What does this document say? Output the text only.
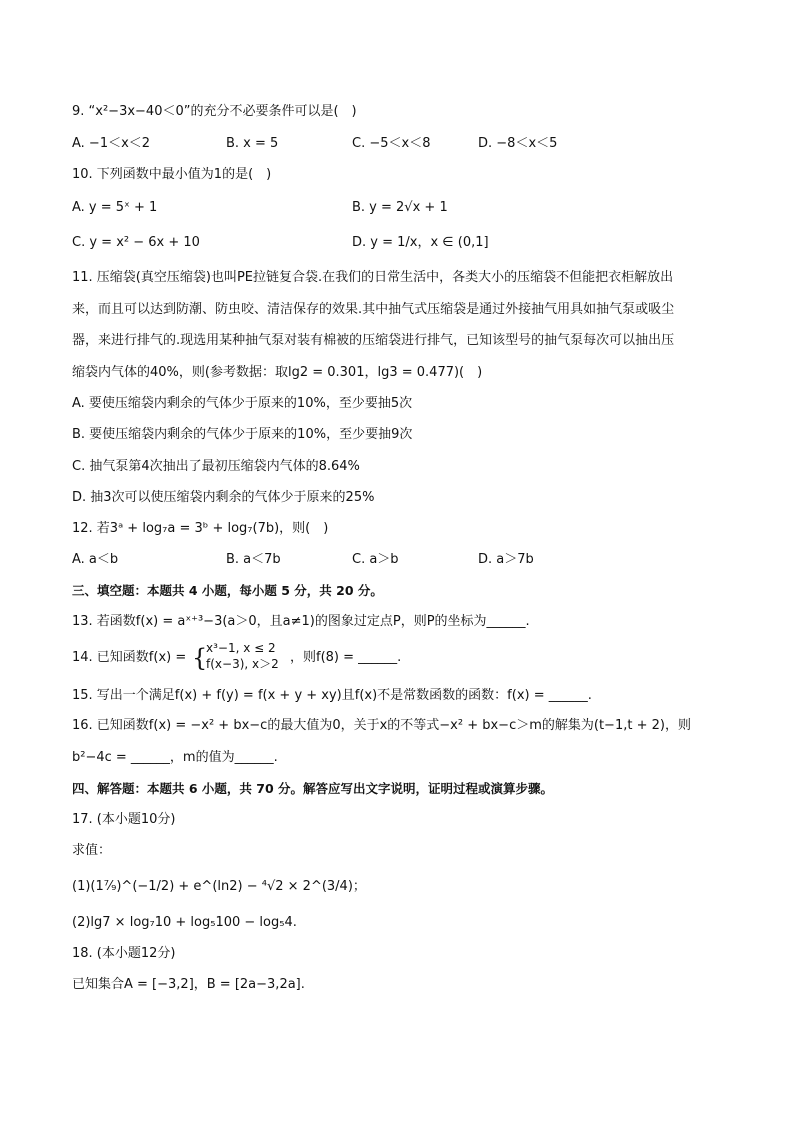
9. “x²−3x−40＜0”的充分不必要条件可以是(　)
A. −1＜x＜2	B. x = 5	C. −5＜x＜8	D. −8＜x＜5
10. 下列函数中最小值为1的是(　)
A. y = 5ˣ + 1	B. y = 2√x + 1
C. y = x² − 6x + 10	D. y = 1/x，x ∈ (0,1]
11. 压缩袋(真空压缩袋)也叫PE拉链复合袋.在我们的日常生活中，各类大小的压缩袋不但能把衣柜解放出
来，而且可以达到防潮、防虫咬、清洁保存的效果.其中抽气式压缩袋是通过外接抽气用具如抽气泵或吸尘
器，来进行排气的.现选用某种抽气泵对装有棉被的压缩袋进行排气，已知该型号的抽气泵每次可以抽出压
缩袋内气体的40%，则(参考数据：取lg2 = 0.301，lg3 = 0.477)(　)
A. 要使压缩袋内剩余的气体少于原来的10%，至少要抽5次
B. 要使压缩袋内剩余的气体少于原来的10%，至少要抽9次
C. 抽气泵第4次抽出了最初压缩袋内气体的8.64%
D. 抽3次可以使压缩袋内剩余的气体少于原来的25%
12. 若3ᵃ + log₇a = 3ᵇ + log₇(7b)，则(　)
A. a＜b	B. a＜7b	C. a＞b	D. a＞7b
三、填空题：本题共 4 小题，每小题 5 分，共 20 分。
13. 若函数f(x) = aˣ⁺³−3(a＞0，且a≠1)的图象过定点P，则P的坐标为______.
14. 已知函数f(x) = {
x³−1, x ≤ 2
f(x−3), x＞2 ，则f(8) = ______.
15. 写出一个满足f(x) + f(y) = f(x + y + xy)且f(x)不是常数函数的函数：f(x) = ______.
16. 已知函数f(x) = −x² + bx−c的最大值为0，关于x的不等式−x² + bx−c＞m的解集为(t−1,t + 2)，则
b²−4c = ______，m的值为______.
四、解答题：本题共 6 小题，共 70 分。解答应写出文字说明，证明过程或演算步骤。
17. (本小题10分)
求值：
(1)(1⁷⁄₉)^(−1/2) + e^(ln2) − ⁴√2 × 2^(3/4)；
(2)lg7 × log₇10 + log₅100 − log₅4.
18. (本小题12分)
已知集合A = [−3,2]，B = [2a−3,2a].
